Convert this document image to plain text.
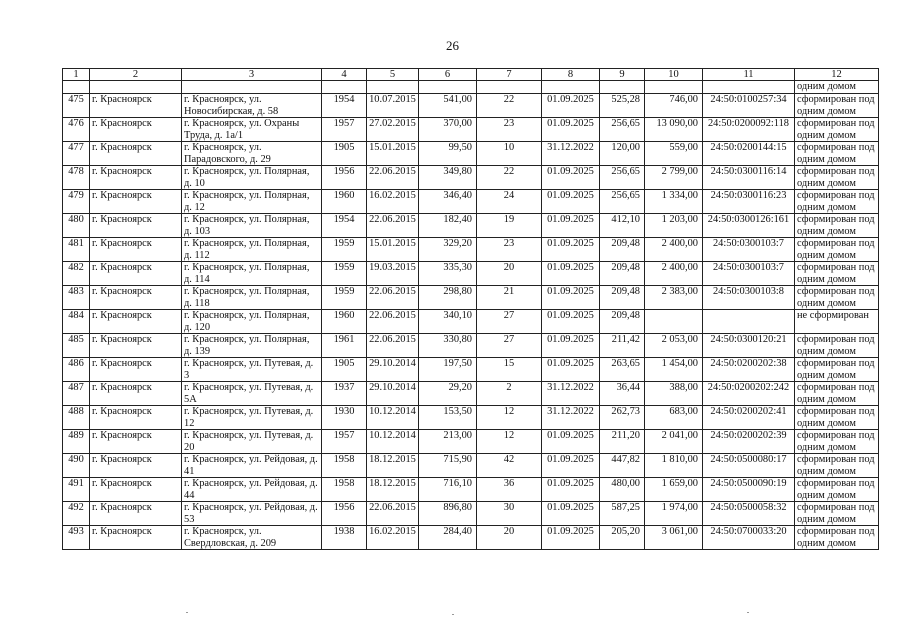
26
1	2	3	4	5	6	7	8	9	10	11	12
											одним домом
475	г. Красноярск	г. Красноярск, ул. Новосибирская, д. 58	1954	10.07.2015	541,00	22	01.09.2025	525,28	746,00	24:50:0100257:34	сформирован под одним домом
476	г. Красноярск	г. Красноярск, ул. Охраны Труда, д. 1а/1	1957	27.02.2015	370,00	23	01.09.2025	256,65	13 090,00	24:50:0200092:118	сформирован под одним домом
477	г. Красноярск	г. Красноярск, ул. Парадовского, д. 29	1905	15.01.2015	99,50	10	31.12.2022	120,00	559,00	24:50:0200144:15	сформирован под одним домом
478	г. Красноярск	г. Красноярск, ул. Полярная, д. 10	1956	22.06.2015	349,80	22	01.09.2025	256,65	2 799,00	24:50:0300116:14	сформирован под одним домом
479	г. Красноярск	г. Красноярск, ул. Полярная, д. 12	1960	16.02.2015	346,40	24	01.09.2025	256,65	1 334,00	24:50:0300116:23	сформирован под одним домом
480	г. Красноярск	г. Красноярск, ул. Полярная, д. 103	1954	22.06.2015	182,40	19	01.09.2025	412,10	1 203,00	24:50:0300126:161	сформирован под одним домом
481	г. Красноярск	г. Красноярск, ул. Полярная, д. 112	1959	15.01.2015	329,20	23	01.09.2025	209,48	2 400,00	24:50:0300103:7	сформирован под одним домом
482	г. Красноярск	г. Красноярск, ул. Полярная, д. 114	1959	19.03.2015	335,30	20	01.09.2025	209,48	2 400,00	24:50:0300103:7	сформирован под одним домом
483	г. Красноярск	г. Красноярск, ул. Полярная, д. 118	1959	22.06.2015	298,80	21	01.09.2025	209,48	2 383,00	24:50:0300103:8	сформирован под одним домом
484	г. Красноярск	г. Красноярск, ул. Полярная, д. 120	1960	22.06.2015	340,10	27	01.09.2025	209,48			не сформирован
485	г. Красноярск	г. Красноярск, ул. Полярная, д. 139	1961	22.06.2015	330,80	27	01.09.2025	211,42	2 053,00	24:50:0300120:21	сформирован под одним домом
486	г. Красноярск	г. Красноярск, ул. Путевая, д. 3	1905	29.10.2014	197,50	15	01.09.2025	263,65	1 454,00	24:50:0200202:38	сформирован под одним домом
487	г. Красноярск	г. Красноярск, ул. Путевая, д. 5А	1937	29.10.2014	29,20	2	31.12.2022	36,44	388,00	24:50:0200202:242	сформирован под одним домом
488	г. Красноярск	г. Красноярск, ул. Путевая, д. 12	1930	10.12.2014	153,50	12	31.12.2022	262,73	683,00	24:50:0200202:41	сформирован под одним домом
489	г. Красноярск	г. Красноярск, ул. Путевая, д. 20	1957	10.12.2014	213,00	12	01.09.2025	211,20	2 041,00	24:50:0200202:39	сформирован под одним домом
490	г. Красноярск	г. Красноярск, ул. Рейдовая, д. 41	1958	18.12.2015	715,90	42	01.09.2025	447,82	1 810,00	24:50:0500080:17	сформирован под одним домом
491	г. Красноярск	г. Красноярск, ул. Рейдовая, д. 44	1958	18.12.2015	716,10	36	01.09.2025	480,00	1 659,00	24:50:0500090:19	сформирован под одним домом
492	г. Красноярск	г. Красноярск, ул. Рейдовая, д. 53	1956	22.06.2015	896,80	30	01.09.2025	587,25	1 974,00	24:50:0500058:32	сформирован под одним домом
493	г. Красноярск	г. Красноярск, ул. Свердловская, д. 209	1938	16.02.2015	284,40	20	01.09.2025	205,20	3 061,00	24:50:0700033:20	сформирован под одним домом
